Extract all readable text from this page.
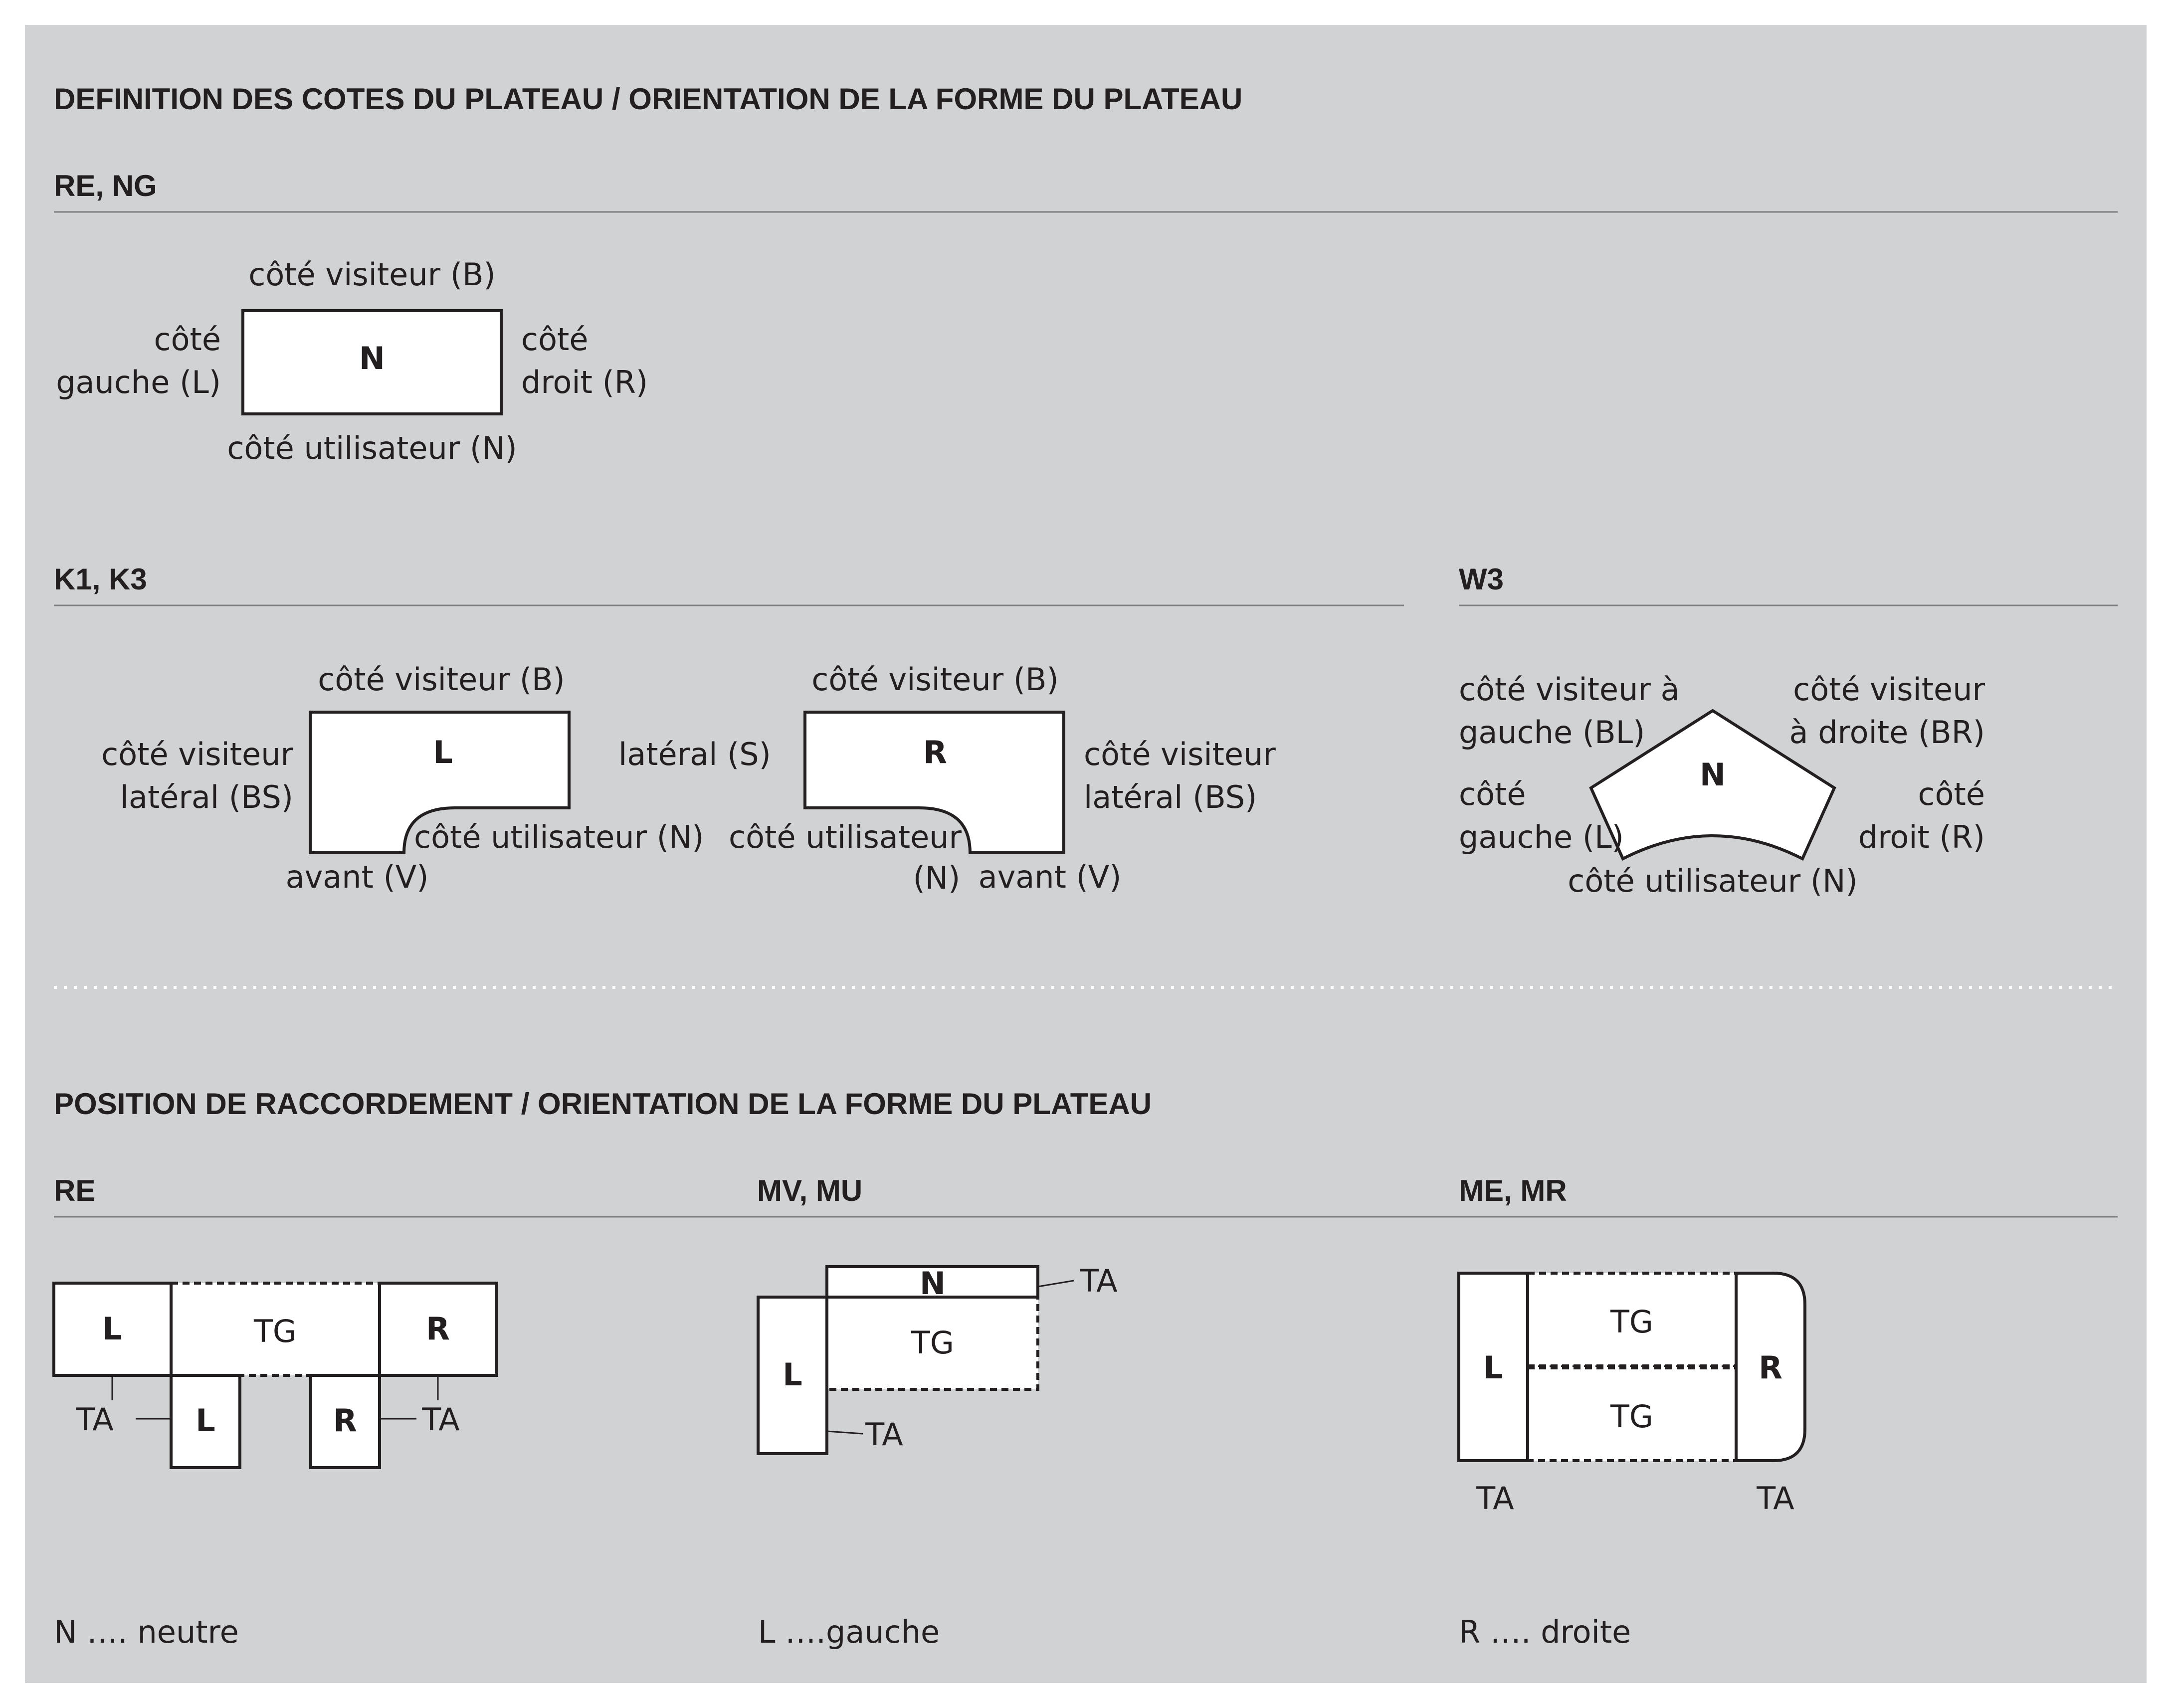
DEFINITION DES COTES DU PLATEAU / ORIENTATION DE LA FORME DU PLATEAU
RE, NG
N
côté visiteur (B)
côté
gauche (L)
côté
droit (R)
côté utilisateur (N)
K1, K3
L
côté visiteur (B)
côté visiteur
latéral (BS)
latéral (S)
côté utilisateur (N)
avant (V)
R
côté visiteur (B)
côté visiteur
latéral (BS)
côté utilisateur
(N) avant (V)
W3
N
côté visiteur à
gauche (BL)
côté visiteur
à droite (BR)
côté
gauche (L)
côté
droit (R)
côté utilisateur (N)
POSITION DE RACCORDEMENT / ORIENTATION DE LA FORME DU PLATEAU
RE
L	TG	R
L	R
TA	TA
MV, MU
N
L
TG
TA
TA
ME, MR
L	R
TG
TG
TA	TA
N …. neutre	L ….gauche	R …. droite
